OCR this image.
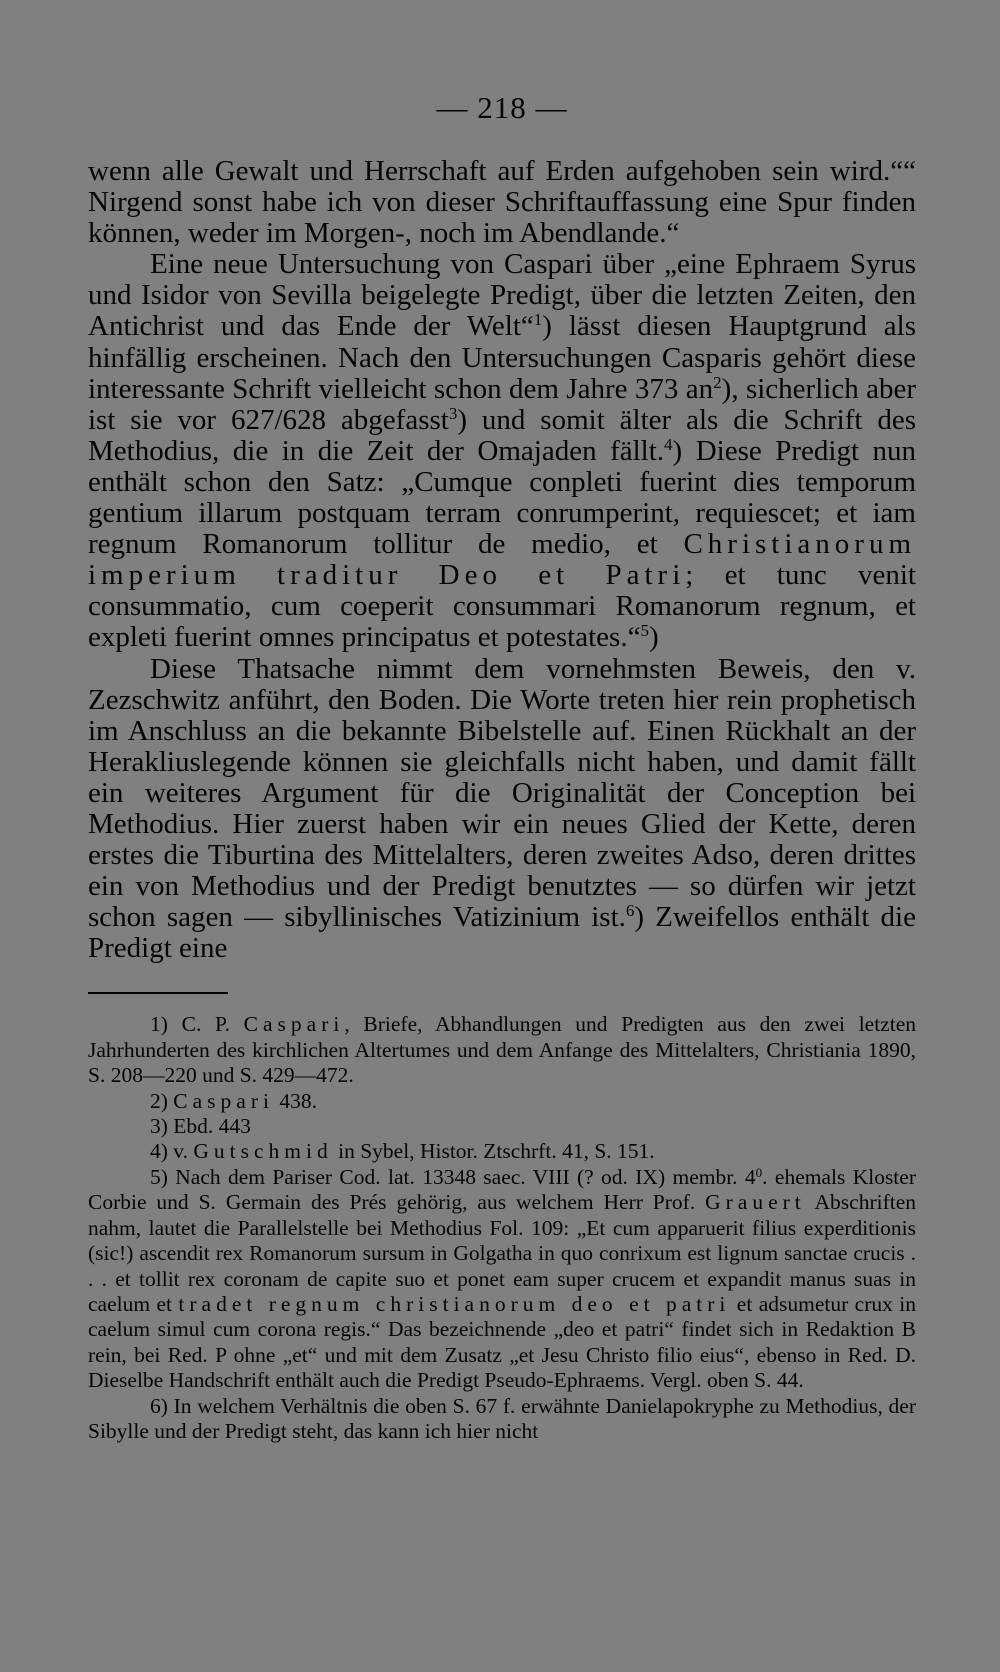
— 218 —

wenn alle Gewalt und Herrschaft auf Erden aufgehoben sein wird.““ Nirgend sonst habe ich von dieser Schriftauffassung eine Spur finden können, weder im Morgen-, noch im Abendlande.“

Eine neue Untersuchung von Caspari über „eine Ephraem Syrus und Isidor von Sevilla beigelegte Predigt, über die letzten Zeiten, den Antichrist und das Ende der Welt“$^1$) lässt diesen Hauptgrund als hinfällig erscheinen. Nach den Untersuchungen Casparis gehört diese interessante Schrift vielleicht schon dem Jahre 373 $an^2$), sicherlich aber ist sie vor 627/628 abgefasst$^3$) und somit älter als die Schrift des Methodius, die in die Zeit der Omajaden fällt.$^4$) Diese Predigt nun enthält schon den Satz: „Cumque conpleti fuerint dies temporum gentium illarum postquam terram conrumperint, requiescet; et iam regnum Romanorum tollitur de medio, et Christianorum imperium traditur Deo et Patri; et tunc venit consummatio, cum coeperit consummari Romanorum regnum, et expleti fuerint omnes principatus et potestates.“$^5$)

Diese Thatsache nimmt dem vornehmsten Beweis, den v. Zezschwitz anführt, den Boden. Die Worte treten hier rein prophetisch im Anschluss an die bekannte Bibelstelle auf. Einen Rückhalt an der Herakliuslegende können sie gleichfalls nicht haben, und damit fällt ein weiteres Argument für die Originalität der Conception bei Methodius. Hier zuerst haben wir ein neues Glied der Kette, deren erstes die Tiburtina des Mittelalters, deren zweites Adso, deren drittes ein von Methodius und der Predigt benutztes — so dürfen wir jetzt schon sagen — sibyllinisches Vatizinium ist.$^6$) Zweifellos enthält die Predigt eine

1) C. P. Caspari, Briefe, Abhandlungen und Predigten aus den zwei letzten Jahrhunderten des kirchlichen Altertumes und dem Anfange des Mittelalters, Christiania 1890, S. 208—220 und S. 429—472.

2) Caspari 438.

3) Ebd. 443

4) v. Gutschmid in Sybel, Histor. Ztschrft. 41, S. 151.

5) Nach dem Pariser Cod. lat. 13348 saec. VIII (? od. IX) membr. 4$^0$. ehemals Kloster Corbie und S. Germain des Prés gehörig, aus welchem Herr Prof. Grauert Abschriften nahm, lautet die Parallelstelle bei Methodius Fol. 109: „Et cum apparuerit filius experditionis (sic!) ascendit rex Romanorum sursum in Golgatha in quo conrixum est lignum sanctae crucis . . . et tollit rex coronam de capite suo et ponet eam super crucem et expandit manus suas in caelum et tradet regnum christianorum deo et patri et adsumetur crux in caelum simul cum corona regis.“ Das bezeichnende „deo et patri“ findet sich in Redaktion B rein, bei Red. P ohne „et“ und mit dem Zusatz „et Jesu Christo filio eius“, ebenso in Red. D. Dieselbe Handschrift enthält auch die Predigt Pseudo-Ephraems. Vergl. oben S. 44.

6) In welchem Verhältnis die oben S. 67 f. erwähnte Danielapokryphe zu Methodius, der Sibylle und der Predigt steht, das kann ich hier nicht
